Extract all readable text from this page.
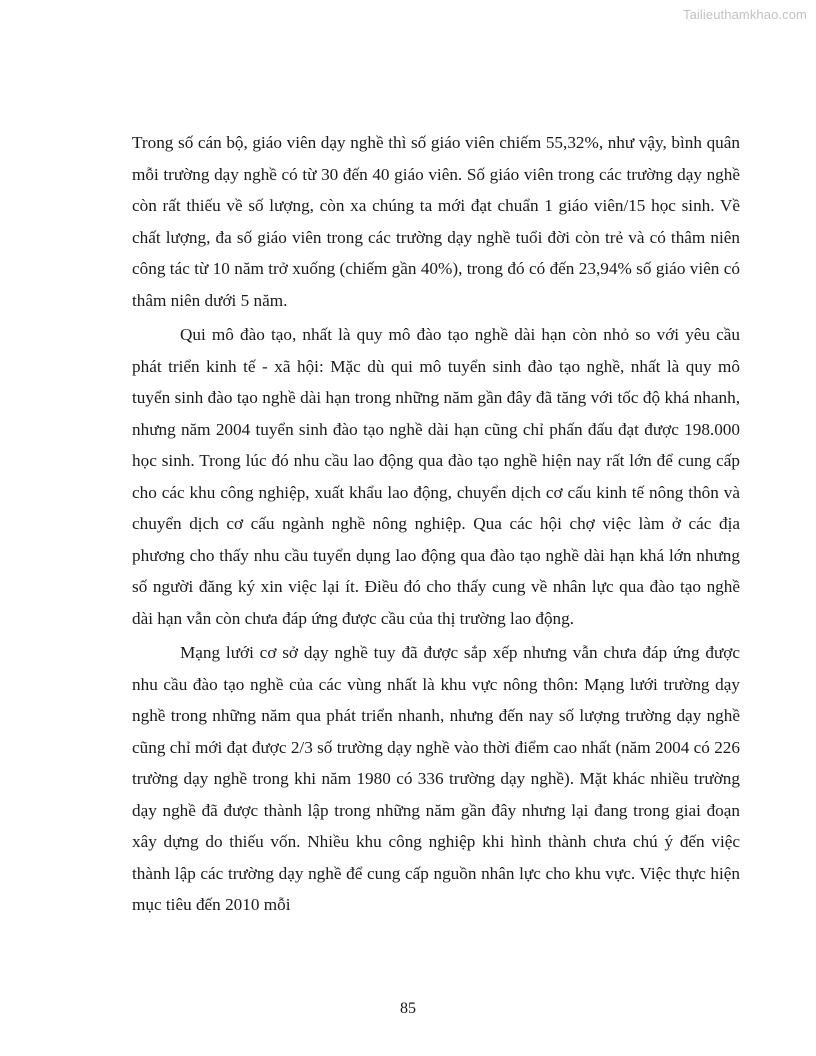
Tailieuthamkhao.com

Trong số cán bộ, giáo viên dạy nghề thì số giáo viên chiếm 55,32%, như vậy, bình quân mỗi trường dạy nghề có từ 30 đến 40 giáo viên. Số giáo viên trong các trường dạy nghề còn rất thiếu về số lượng, còn xa chúng ta mới đạt chuẩn 1 giáo viên/15 học sinh. Về chất lượng, đa số giáo viên trong các trường dạy nghề tuổi đời còn trẻ và có thâm niên công tác từ 10 năm trở xuống (chiếm gần 40%), trong đó có đến 23,94% số giáo viên có thâm niên dưới 5 năm.

Qui mô đào tạo, nhất là quy mô đào tạo nghề dài hạn còn nhỏ so với yêu cầu phát triển kinh tế - xã hội: Mặc dù qui mô tuyển sinh đào tạo nghề, nhất là quy mô tuyển sinh đào tạo nghề dài hạn trong những năm gần đây đã tăng với tốc độ khá nhanh, nhưng năm 2004 tuyển sinh đào tạo nghề dài hạn cũng chỉ phấn đấu đạt được 198.000 học sinh. Trong lúc đó nhu cầu lao động qua đào tạo nghề hiện nay rất lớn để cung cấp cho các khu công nghiệp, xuất khẩu lao động, chuyển dịch cơ cấu kinh tế nông thôn và chuyển dịch cơ cấu ngành nghề nông nghiệp. Qua các hội chợ việc làm ở các địa phương cho thấy nhu cầu tuyển dụng lao động qua đào tạo nghề dài hạn khá lớn nhưng số người đăng ký xin việc lại ít. Điều đó cho thấy cung về nhân lực qua đào tạo nghề dài hạn vẫn còn chưa đáp ứng được cầu của thị trường lao động.

Mạng lưới cơ sở dạy nghề tuy đã được sắp xếp nhưng vẫn chưa đáp ứng được nhu cầu đào tạo nghề của các vùng nhất là khu vực nông thôn: Mạng lưới trường dạy nghề trong những năm qua phát triển nhanh, nhưng đến nay số lượng trường dạy nghề cũng chỉ mới đạt được 2/3 số trường dạy nghề vào thời điểm cao nhất (năm 2004 có 226 trường dạy nghề trong khi năm 1980 có 336 trường dạy nghề). Mặt khác nhiều trường dạy nghề đã được thành lập trong những năm gần đây nhưng lại đang trong giai đoạn xây dựng do thiếu vốn. Nhiều khu công nghiệp khi hình thành chưa chú ý đến việc thành lập các trường dạy nghề để cung cấp nguồn nhân lực cho khu vực. Việc thực hiện mục tiêu đến 2010 mỗi

85
